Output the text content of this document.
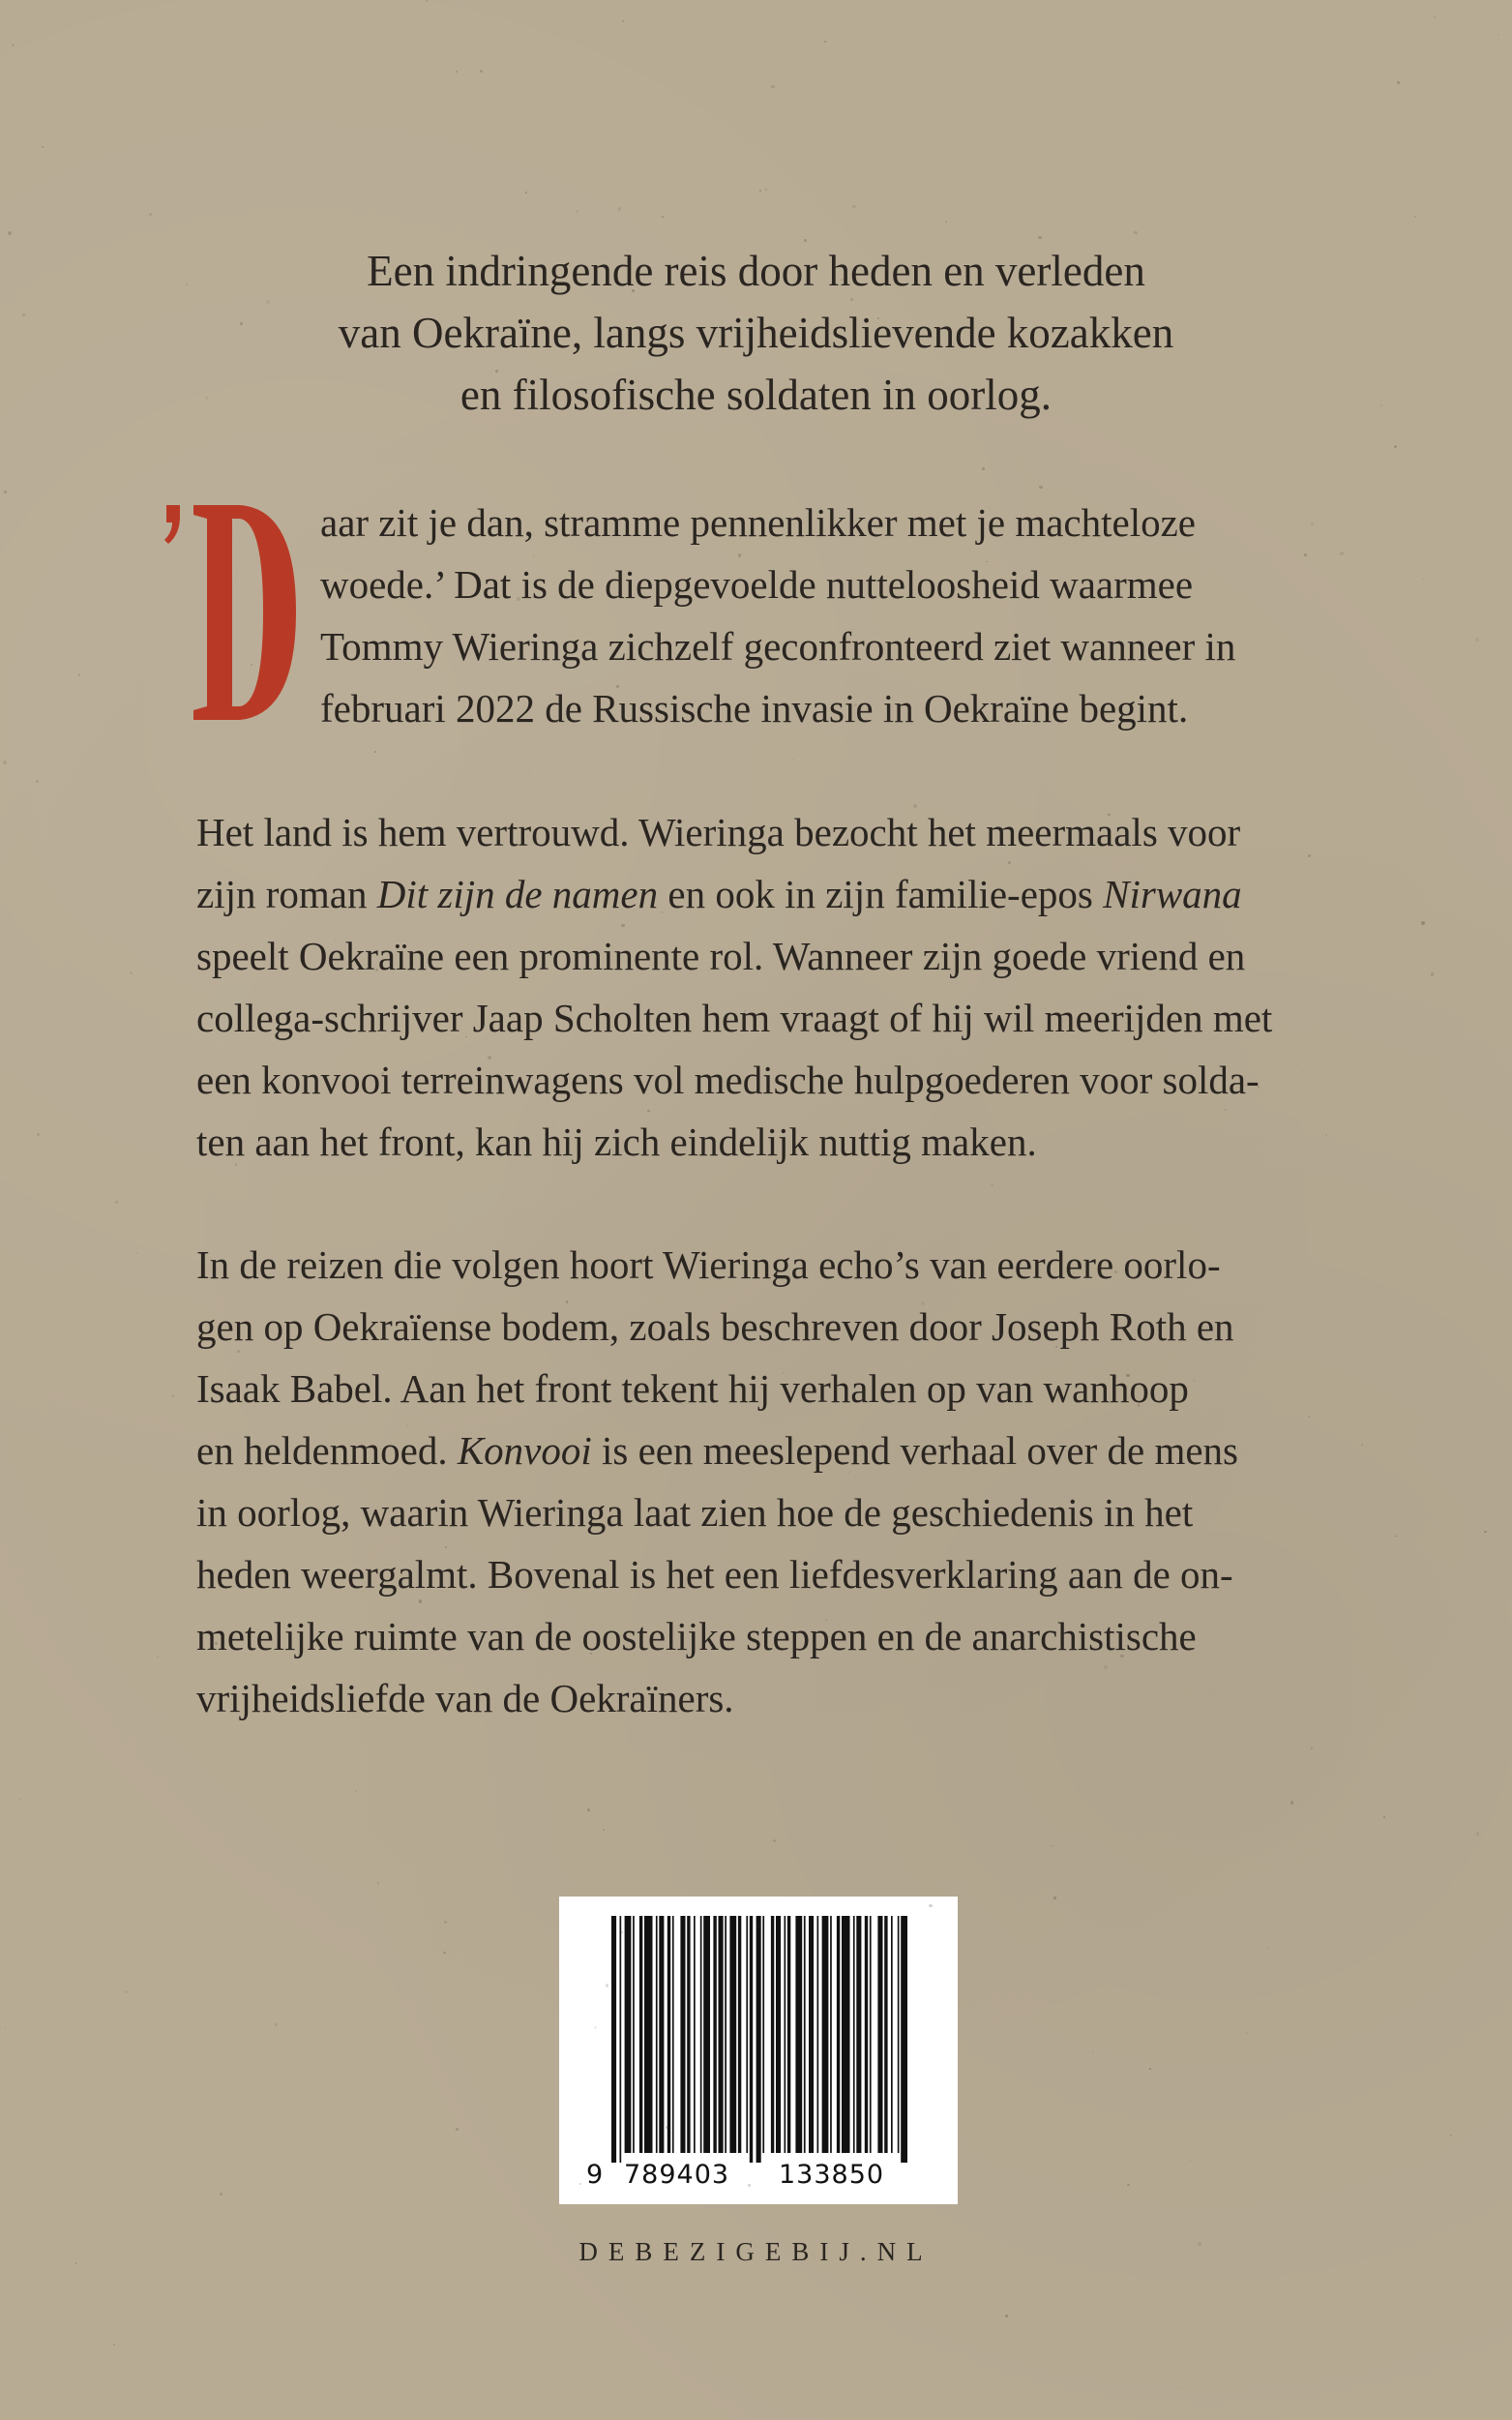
Een indringende reis door heden en verleden
van Oekraïne, langs vrijheidslievende kozakken
en filosofische soldaten in oorlog.
aar zit je dan, stramme pennenlikker met je machteloze
woede.’ Dat is de diepgevoelde nutteloosheid waarmee
Tommy Wieringa zichzelf geconfronteerd ziet wanneer in
februari 2022 de Russische invasie in Oekraïne begint.
Het land is hem vertrouwd. Wieringa bezocht het meermaals voor
zijn roman Dit zijn de namen en ook in zijn familie-epos Nirwana
speelt Oekraïne een prominente rol. Wanneer zijn goede vriend en
collega-schrijver Jaap Scholten hem vraagt of hij wil meerijden met
een konvooi terreinwagens vol medische hulpgoederen voor solda-
ten aan het front, kan hij zich eindelijk nuttig maken.
In de reizen die volgen hoort Wieringa echo’s van eerdere oorlo-
gen op Oekraïense bodem, zoals beschreven door Joseph Roth en
Isaak Babel. Aan het front tekent hij verhalen op van wanhoop
en heldenmoed. Konvooi is een meeslepend verhaal over de mens
in oorlog, waarin Wieringa laat zien hoe de geschiedenis in het
heden weergalmt. Bovenal is het een liefdesverklaring aan de on-
metelijke ruimte van de oostelijke steppen en de anarchistische
vrijheidsliefde van de Oekraïners.
9 789403 133850
DEBEZIGEBIJ.NL
